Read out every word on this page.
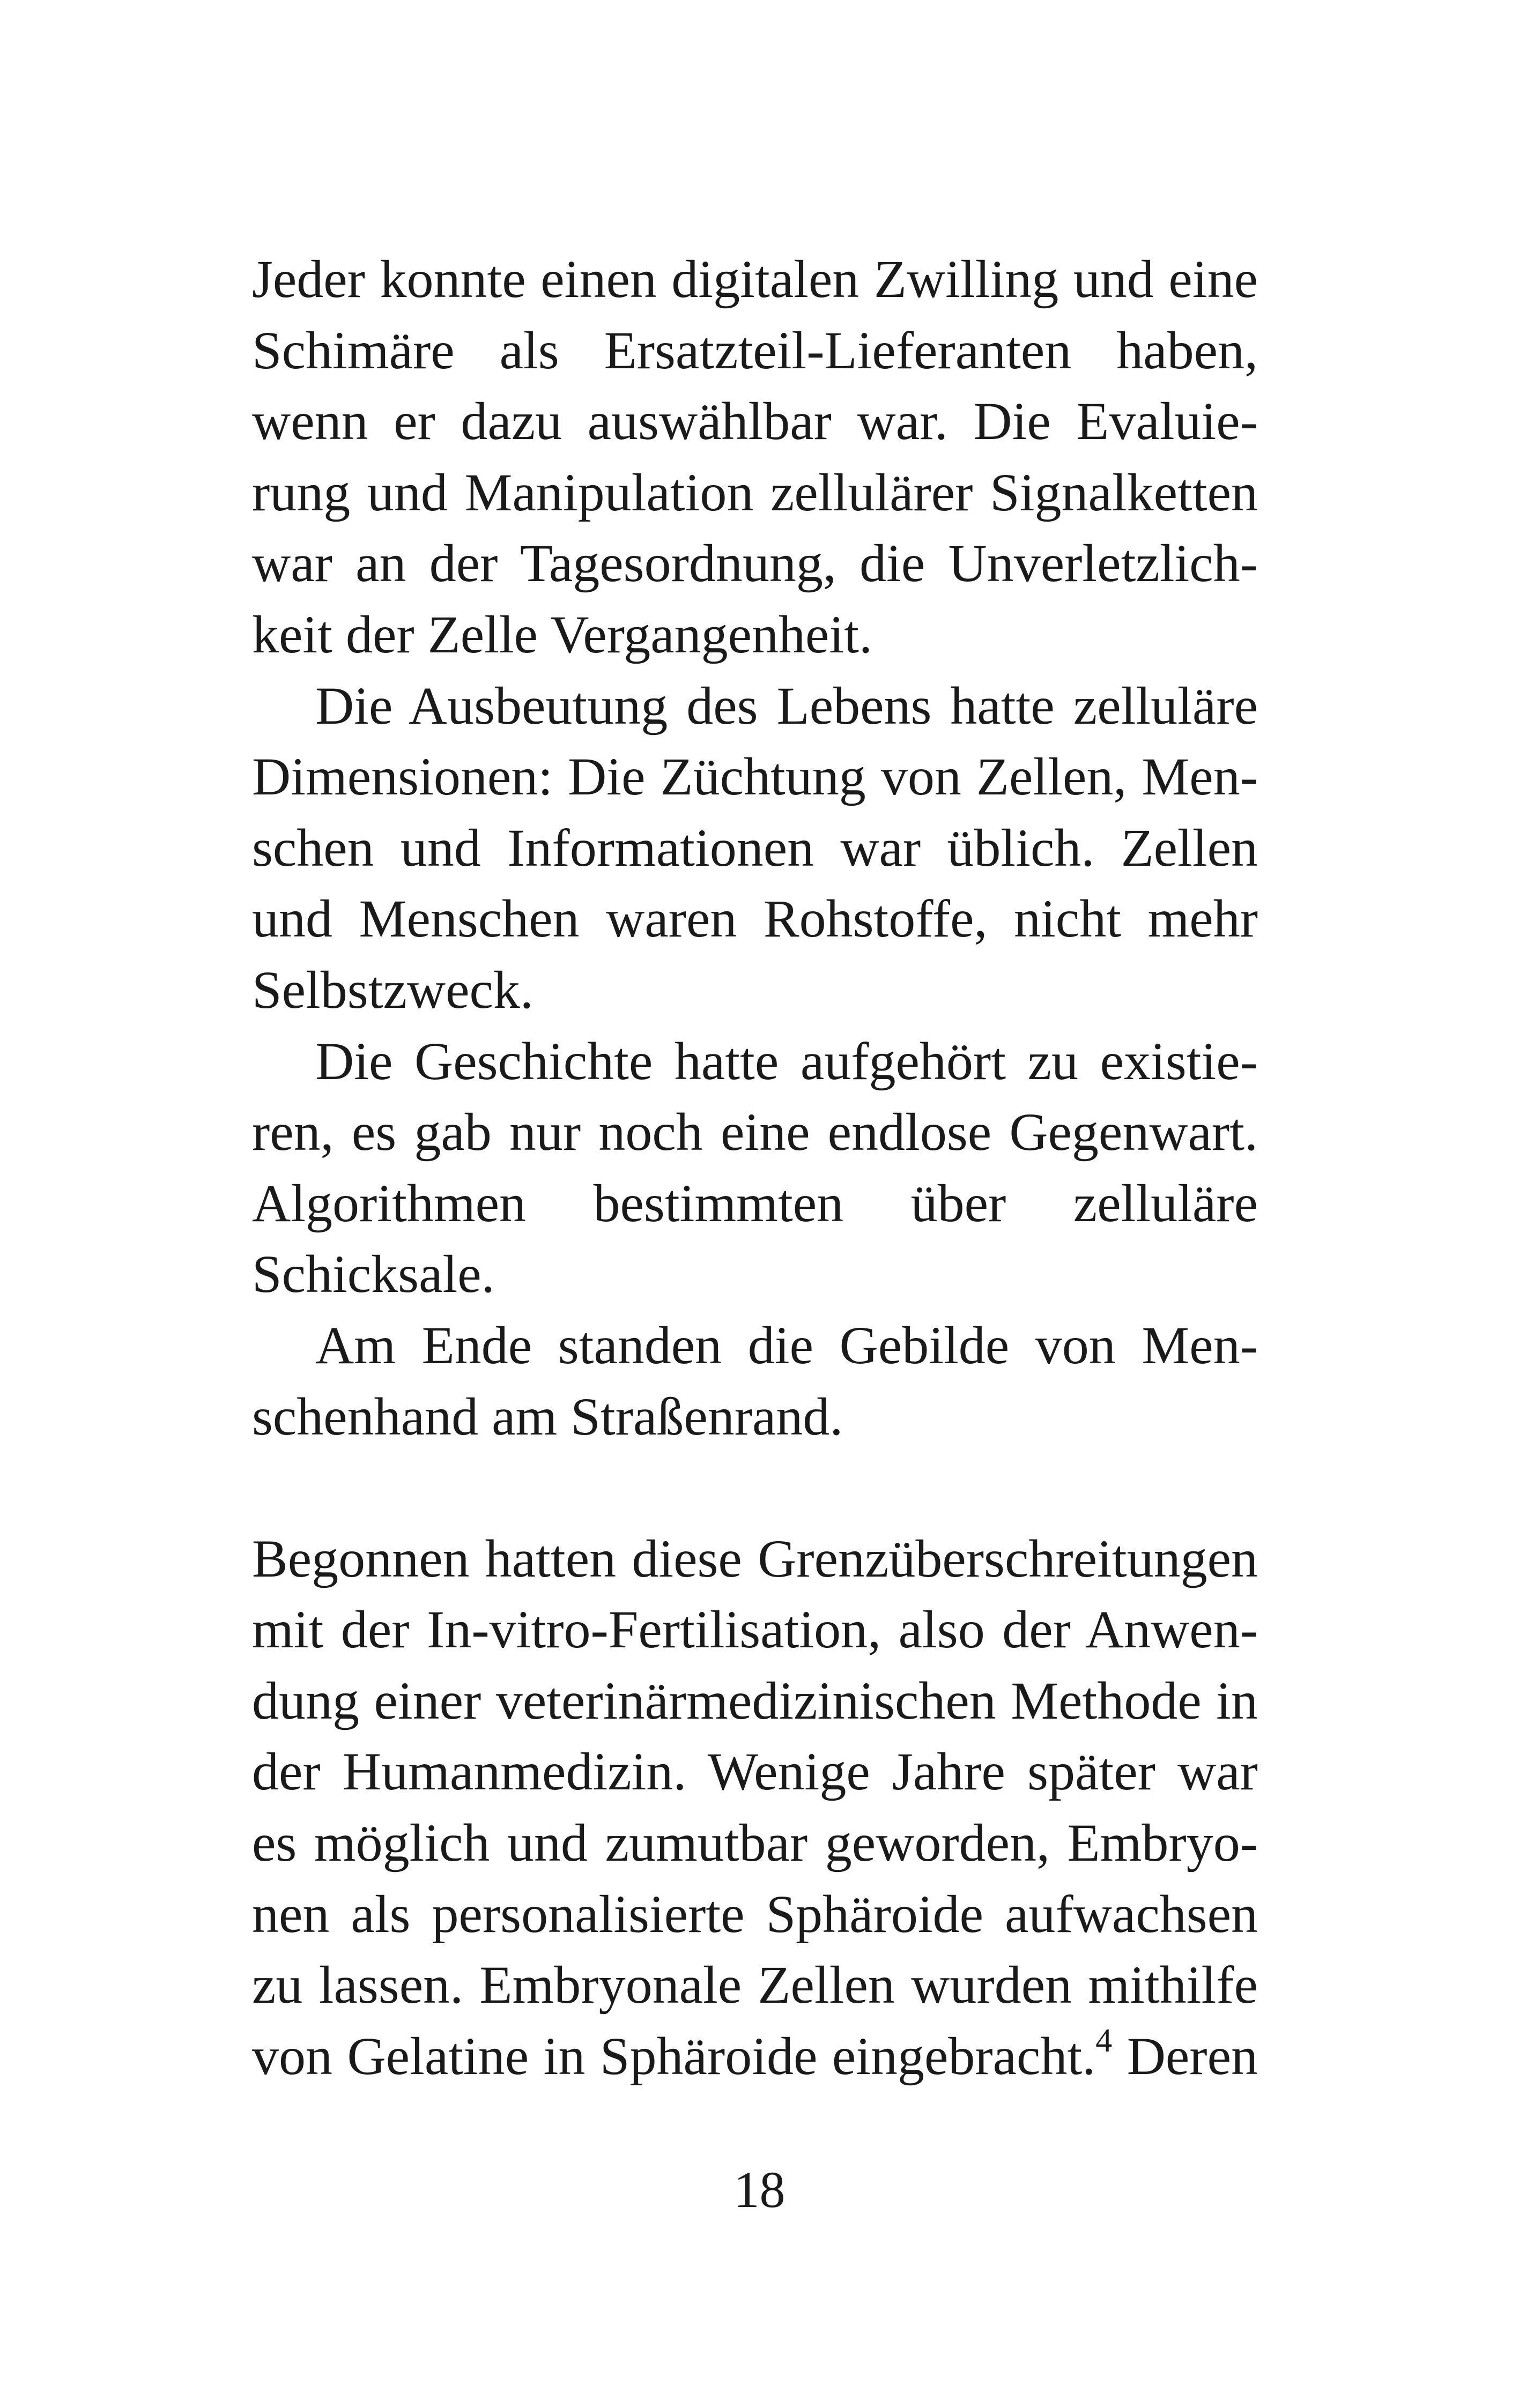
Jeder konnte einen digitalen Zwilling und eine
Schimäre als Ersatzteil-Lieferanten haben,
wenn er dazu auswählbar war. Die Evaluie-
rung und Manipulation zellulärer Signalketten
war an der Tagesordnung, die Unverletzlich-
keit der Zelle Vergangenheit.
Die Ausbeutung des Lebens hatte zelluläre
Dimensionen: Die Züchtung von Zellen, Men-
schen und Informationen war üblich. Zellen
und Menschen waren Rohstoffe, nicht mehr
Selbstzweck.
Die Geschichte hatte aufgehört zu existie-
ren, es gab nur noch eine endlose Gegenwart.
Algorithmen bestimmten über zelluläre
Schicksale.
Am Ende standen die Gebilde von Men-
schenhand am Straßenrand.
Begonnen hatten diese Grenzüberschreitungen
mit der In-vitro-Fertilisation, also der Anwen-
dung einer veterinärmedizinischen Methode in
der Humanmedizin. Wenige Jahre später war
es möglich und zumutbar geworden, Embryo-
nen als personalisierte Sphäroide aufwachsen
zu lassen. Embryonale Zellen wurden mithilfe
von Gelatine in Sphäroide eingebracht.$^4$ Deren
18
